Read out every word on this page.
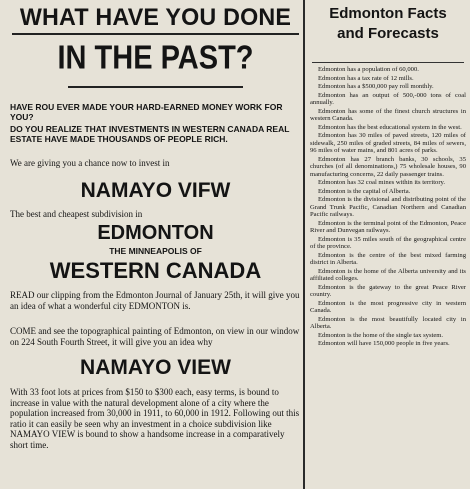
WHAT HAVE YOU DONE
IN THE PAST?
HAVE ROU EVER MADE YOUR HARD-EARNED MONEY WORK FOR YOU?
DO YOU REALIZE THAT INVESTMENTS IN WESTERN CANADA REAL ESTATE HAVE MADE THOUSANDS OF PEOPLE RICH.
We are giving you a chance now to invest in
NAMAYO VIFW
The best and cheapest subdivision in
EDMONTON
THE MINNEAPOLIS OF
WESTERN CANADA
READ our clipping from the Edmonton Journal of January 25th, it will give you an idea of what a wonderful city EDMONTON is.
COME and see the topographical painting of Edmonton, on view in our window on 224 South Fourth Street, it will give you an idea why
NAMAYO VIEW
With 33 foot lots at prices from $150 to $300 each, easy terms, is bound to increase in value with the natural development alone of a city where the population increased from 30,000 in 1911, to 60,000 in 1912. Following out this ratio it can easily be seen why an investment in a choice subdivision like NAMAYO VIEW is bound to show a handsome increase in a comparatively short time.
Edmonton Facts
and Forecasts

Edmonton has a population of 60,000.

Edmonton has a tax rate of 12 mills.

Edmonton has a $500,000 pay roll monthly.

Edmonton has an output of 500,-000 tons of coal annually.

Edmonton has some of the finest church structures in western Canada.

Edmonton has the best educational system in the west.

Edmonton has 30 miles of paved streets, 120 miles of sidewalk, 250 miles of graded streets, 84 miles of sewers, 96 miles of water mains, and 801 acres of parks.

Edmonton has 27 branch banks, 30 schools, 35 churches (of all denominations,) 75 wholesale houses, 90 manufacturing concerns, 22 daily passenger trains.

Edmonton has 32 coal mines within its territory.

Edmonton is the capital of Alberta.

Edmonton is the divisional and distributing point of the Grand Trunk Pacific, Canadian Northern and Canadian Pacific railways.

Edmonton is the terminal point of the Edmonton, Peace River and Dunvegan railways.

Edmonton is 35 miles south of the geographical centre of the province.

Edmonton is the centre of the best mixed farming district in Alberta.

Edmonton is the home of the Alberta university and its affiliated colleges.

Edmonton is the gateway to the great Peace River country.

Edmonton is the most progressive city in western Canada.

Edmonton is the most beautifully located city in Alberta.

Edmonton is the home of the single tax system.

Edmonton will have 150,000 people in five years.
